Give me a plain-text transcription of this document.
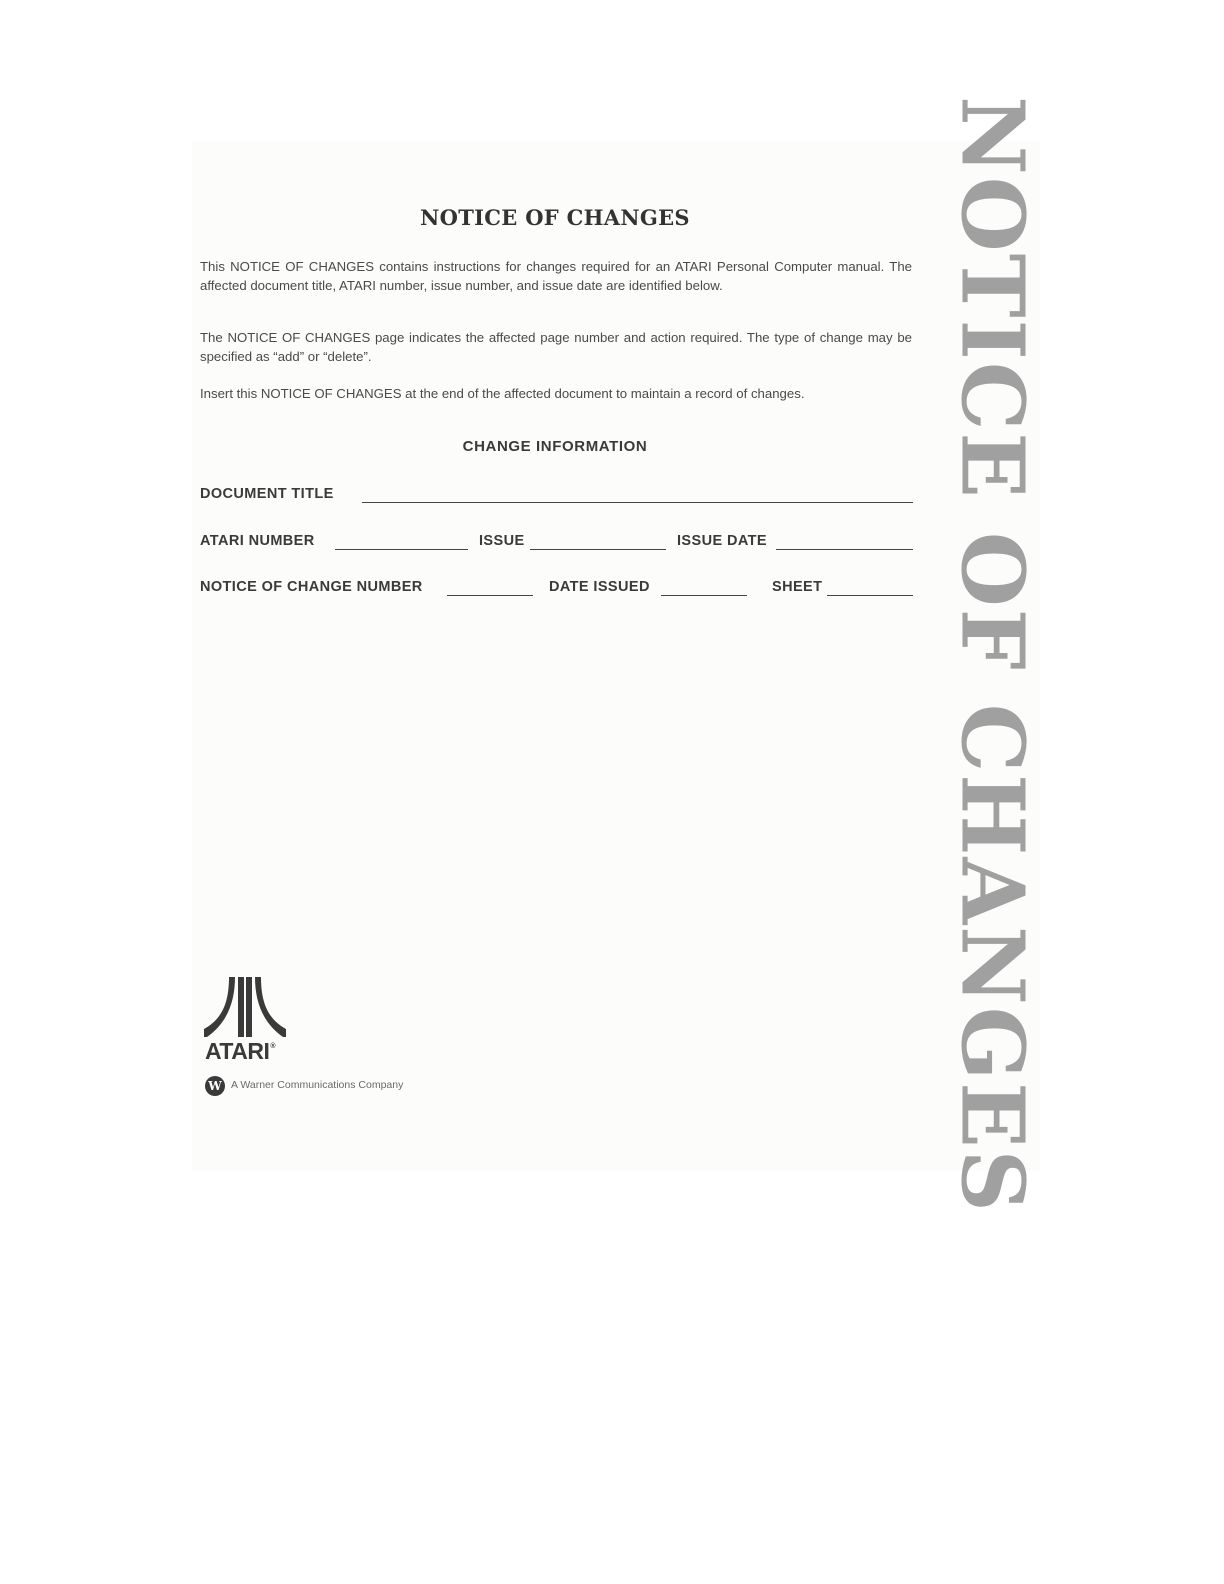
NOTICE OF CHANGES

This NOTICE OF CHANGES contains instructions for changes required for an ATARI Personal Computer manual. The affected document title, ATARI number, issue number, and issue date are identified below.

The NOTICE OF CHANGES page indicates the affected page number and action required. The type of change may be specified as “add” or “delete”.

Insert this NOTICE OF CHANGES at the end of the affected document to maintain a record of changes.

CHANGE INFORMATION
DOCUMENT TITLE
ATARI NUMBER	ISSUE	ISSUE DATE
NOTICE OF CHANGE NUMBER	DATE ISSUED	SHEET
ATARI®
W A Warner Communications Company	NOTICE OF CHANGES
